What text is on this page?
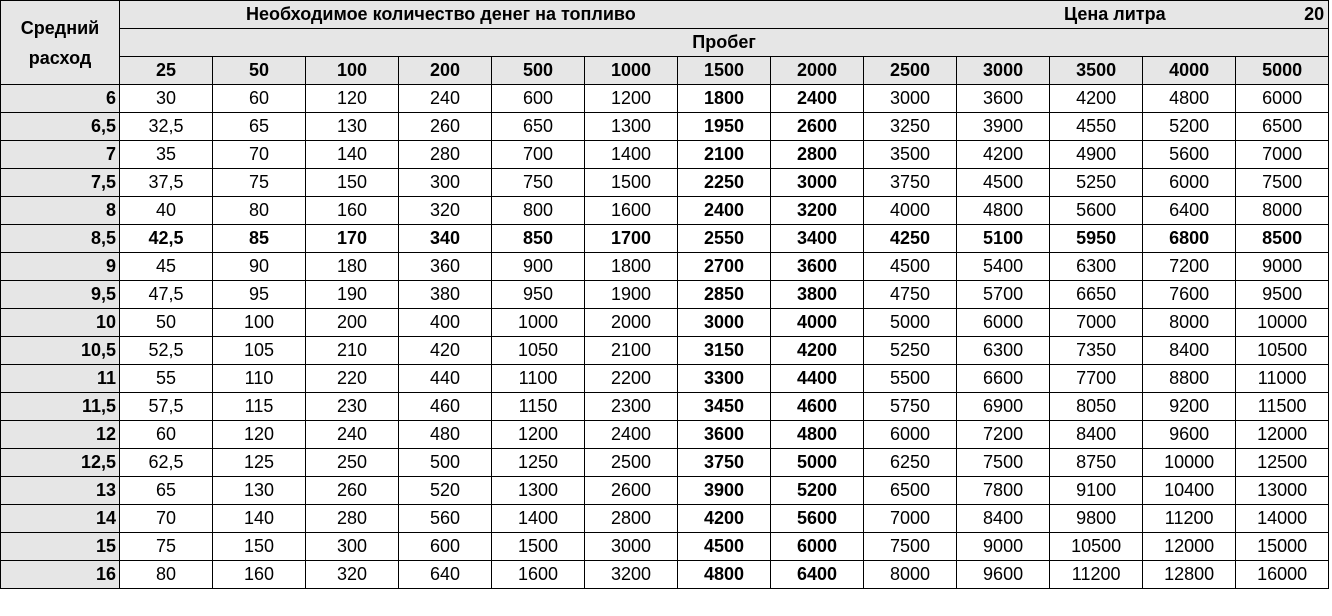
Средний
расход	Необходимое количество денег на топливо										Цена литра		20
	Пробег												
	25	50	100	200	500	1000	1500	2000	2500	3000	3500	4000	5000
6	30	60	120	240	600	1200	1800	2400	3000	3600	4200	4800	6000
6,5	32,5	65	130	260	650	1300	1950	2600	3250	3900	4550	5200	6500
7	35	70	140	280	700	1400	2100	2800	3500	4200	4900	5600	7000
7,5	37,5	75	150	300	750	1500	2250	3000	3750	4500	5250	6000	7500
8	40	80	160	320	800	1600	2400	3200	4000	4800	5600	6400	8000
8,5	42,5	85	170	340	850	1700	2550	3400	4250	5100	5950	6800	8500
9	45	90	180	360	900	1800	2700	3600	4500	5400	6300	7200	9000
9,5	47,5	95	190	380	950	1900	2850	3800	4750	5700	6650	7600	9500
10	50	100	200	400	1000	2000	3000	4000	5000	6000	7000	8000	10000
10,5	52,5	105	210	420	1050	2100	3150	4200	5250	6300	7350	8400	10500
11	55	110	220	440	1100	2200	3300	4400	5500	6600	7700	8800	11000
11,5	57,5	115	230	460	1150	2300	3450	4600	5750	6900	8050	9200	11500
12	60	120	240	480	1200	2400	3600	4800	6000	7200	8400	9600	12000
12,5	62,5	125	250	500	1250	2500	3750	5000	6250	7500	8750	10000	12500
13	65	130	260	520	1300	2600	3900	5200	6500	7800	9100	10400	13000
14	70	140	280	560	1400	2800	4200	5600	7000	8400	9800	11200	14000
15	75	150	300	600	1500	3000	4500	6000	7500	9000	10500	12000	15000
16	80	160	320	640	1600	3200	4800	6400	8000	9600	11200	12800	16000
